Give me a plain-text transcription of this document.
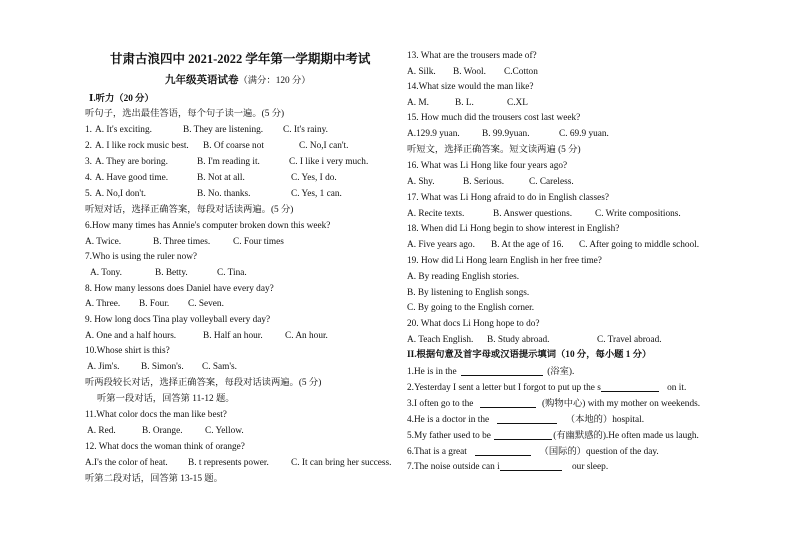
甘肃古浪四中 2021-2022 学年第一学期期中考试
九年级英语试卷（满分：120 分）
Ⅰ.听力（20 分）
听句子，选出最佳答语，每个句子读一遍。(5 分)
1. A. It's exciting.	B. They are listening. C. It's rainy.
2. A. I like rock music best. B. Of coarse not	C. No,I can't.
3. A. They are boring.	B. I'm reading it.	C. I like i very much.
4. A. Have good time.	B. Not at all.	C. Yes, I do.
5. A. No,I don't.	B. No. thanks.	C. Yes, 1 can.
听短对话，选择正确答案，每段对话读两遍。(5 分)
6.How many times has Annie's computer broken down this week?
A. Twice.	B. Three times. C. Four times
7.Who is using the ruler now?
A. Tony.	B. Betty.	C. Tina.
8. How many lessons does Daniel have every day?
A. Three. B. Four. C. Seven.
9. How long docs Tina play volleyball every day?
A. One and a half hours.	B. Half an hour. C. An hour.
10.Whose shirt is this?
A. Jim's. B. Simon's. C. Sam's.
听两段较长对话，选择正确答案，每段对话读两遍。(5 分)
听第一段对话，回答第 11-12 题。
11.What color docs the man like best?
A. Red.	B. Orange. C. Yellow.
12. What docs the woman think of orange?
A.I's the color of heat. B. t represents power. C. It can bring her success.
听第二段对话，回答第 13-15 题。
13. What are the trousers made of?
A. Silk. B. Wool. C.Cotton
14.What size would the man like?
A. M.	B. L.	C.XL
15. How much did the trousers cost last week?
A.129.9 yuan. B. 99.9yuan.	C. 69.9 yuan.
听短文，选择正确答案。短文读两遍 (5 分)
16. What was Li Hong like four years ago?
A. Shy.	B. Serious.	C. Careless.
17. What was Li Hong afraid to do in English classes?
A. Recite texts.	B. Answer questions. C. Write compositions.
18. When did Li Hong begin to show interest in English?
A. Five years ago. B. At the age of 16. C. After going to middle school.
19. How did Li Hong learn English in her free time?
A. By reading English stories.
B. By listening to English songs.
C. By going to the English corner.
20. What docs Li Hong hope to do?
A. Teach English. B. Study abroad.	C. Travel abroad.
II.根据句意及首字母或汉语提示填词（10 分，每小题 1 分）
1.He is in the	(浴室).
2.Yesterday I sent a letter but I forgot to put up the s	on it.
3.I often go to the	(购物中心) with my mother on weekends.
4.He is a doctor in the	（本地的）hospital.
5.My father used to be	(有幽默感的).He often made us laugh.
6.That is a great	（国际的）question of the day.
7.The noise outside can i	our sleep.
